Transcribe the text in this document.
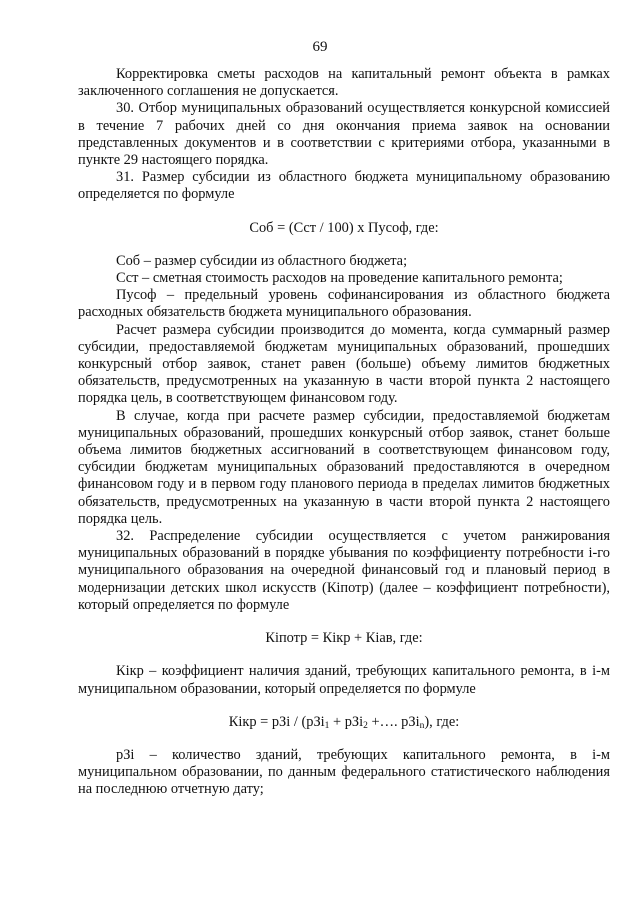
69

Корректировка сметы расходов на капитальный ремонт объекта в рамках заключенного соглашения не допускается.

30. Отбор муниципальных образований осуществляется конкурсной комиссией в течение 7 рабочих дней со дня окончания приема заявок на основании представленных документов и в соответствии с критериями отбора, указанными в пункте 29 настоящего порядка.

31. Размер субсидии из областного бюджета муниципальному образованию определяется по формуле

Соб = (Сст / 100) х Пусоф, где:

Соб – размер субсидии из областного бюджета;

Сст – сметная стоимость расходов на проведение капитального ремонта;

Пусоф – предельный уровень софинансирования из областного бюджета расходных обязательств бюджета муниципального образования.

Расчет размера субсидии производится до момента, когда суммарный размер субсидии, предоставляемой бюджетам муниципальных образований, прошедших конкурсный отбор заявок, станет равен (больше) объему лимитов бюджетных обязательств, предусмотренных на указанную в части второй пункта 2 настоящего порядка цель, в соответствующем финансовом году.

В случае, когда при расчете размер субсидии, предоставляемой бюджетам муниципальных образований, прошедших конкурсный отбор заявок, станет больше объема лимитов бюджетных ассигнований в соответствующем финансовом году, субсидии бюджетам муниципальных образований предоставляются в очередном финансовом году и в первом году планового периода в пределах лимитов бюджетных обязательств, предусмотренных на указанную в части второй пункта 2 настоящего порядка цель.

32. Распределение субсидии осуществляется с учетом ранжирования муниципальных образований в порядке убывания по коэффициенту потребности i-го муниципального образования на очередной финансовый год и плановый период в модернизации детских школ искусств (Кiпотр) (далее – коэффициент потребности), который определяется по формуле

Кiпотр = Кiкр + Кiав, где:

Кiкр – коэффициент наличия зданий, требующих капитального ремонта, в i-м муниципальном образовании, который определяется по формуле

Кiкр = рЗi / (рЗi$_1$ + рЗi$_2$ +…. рЗi$_n$), где:

рЗi – количество зданий, требующих капитального ремонта, в i-м муниципальном образовании, по данным федерального статистического наблюдения на последнюю отчетную дату;
